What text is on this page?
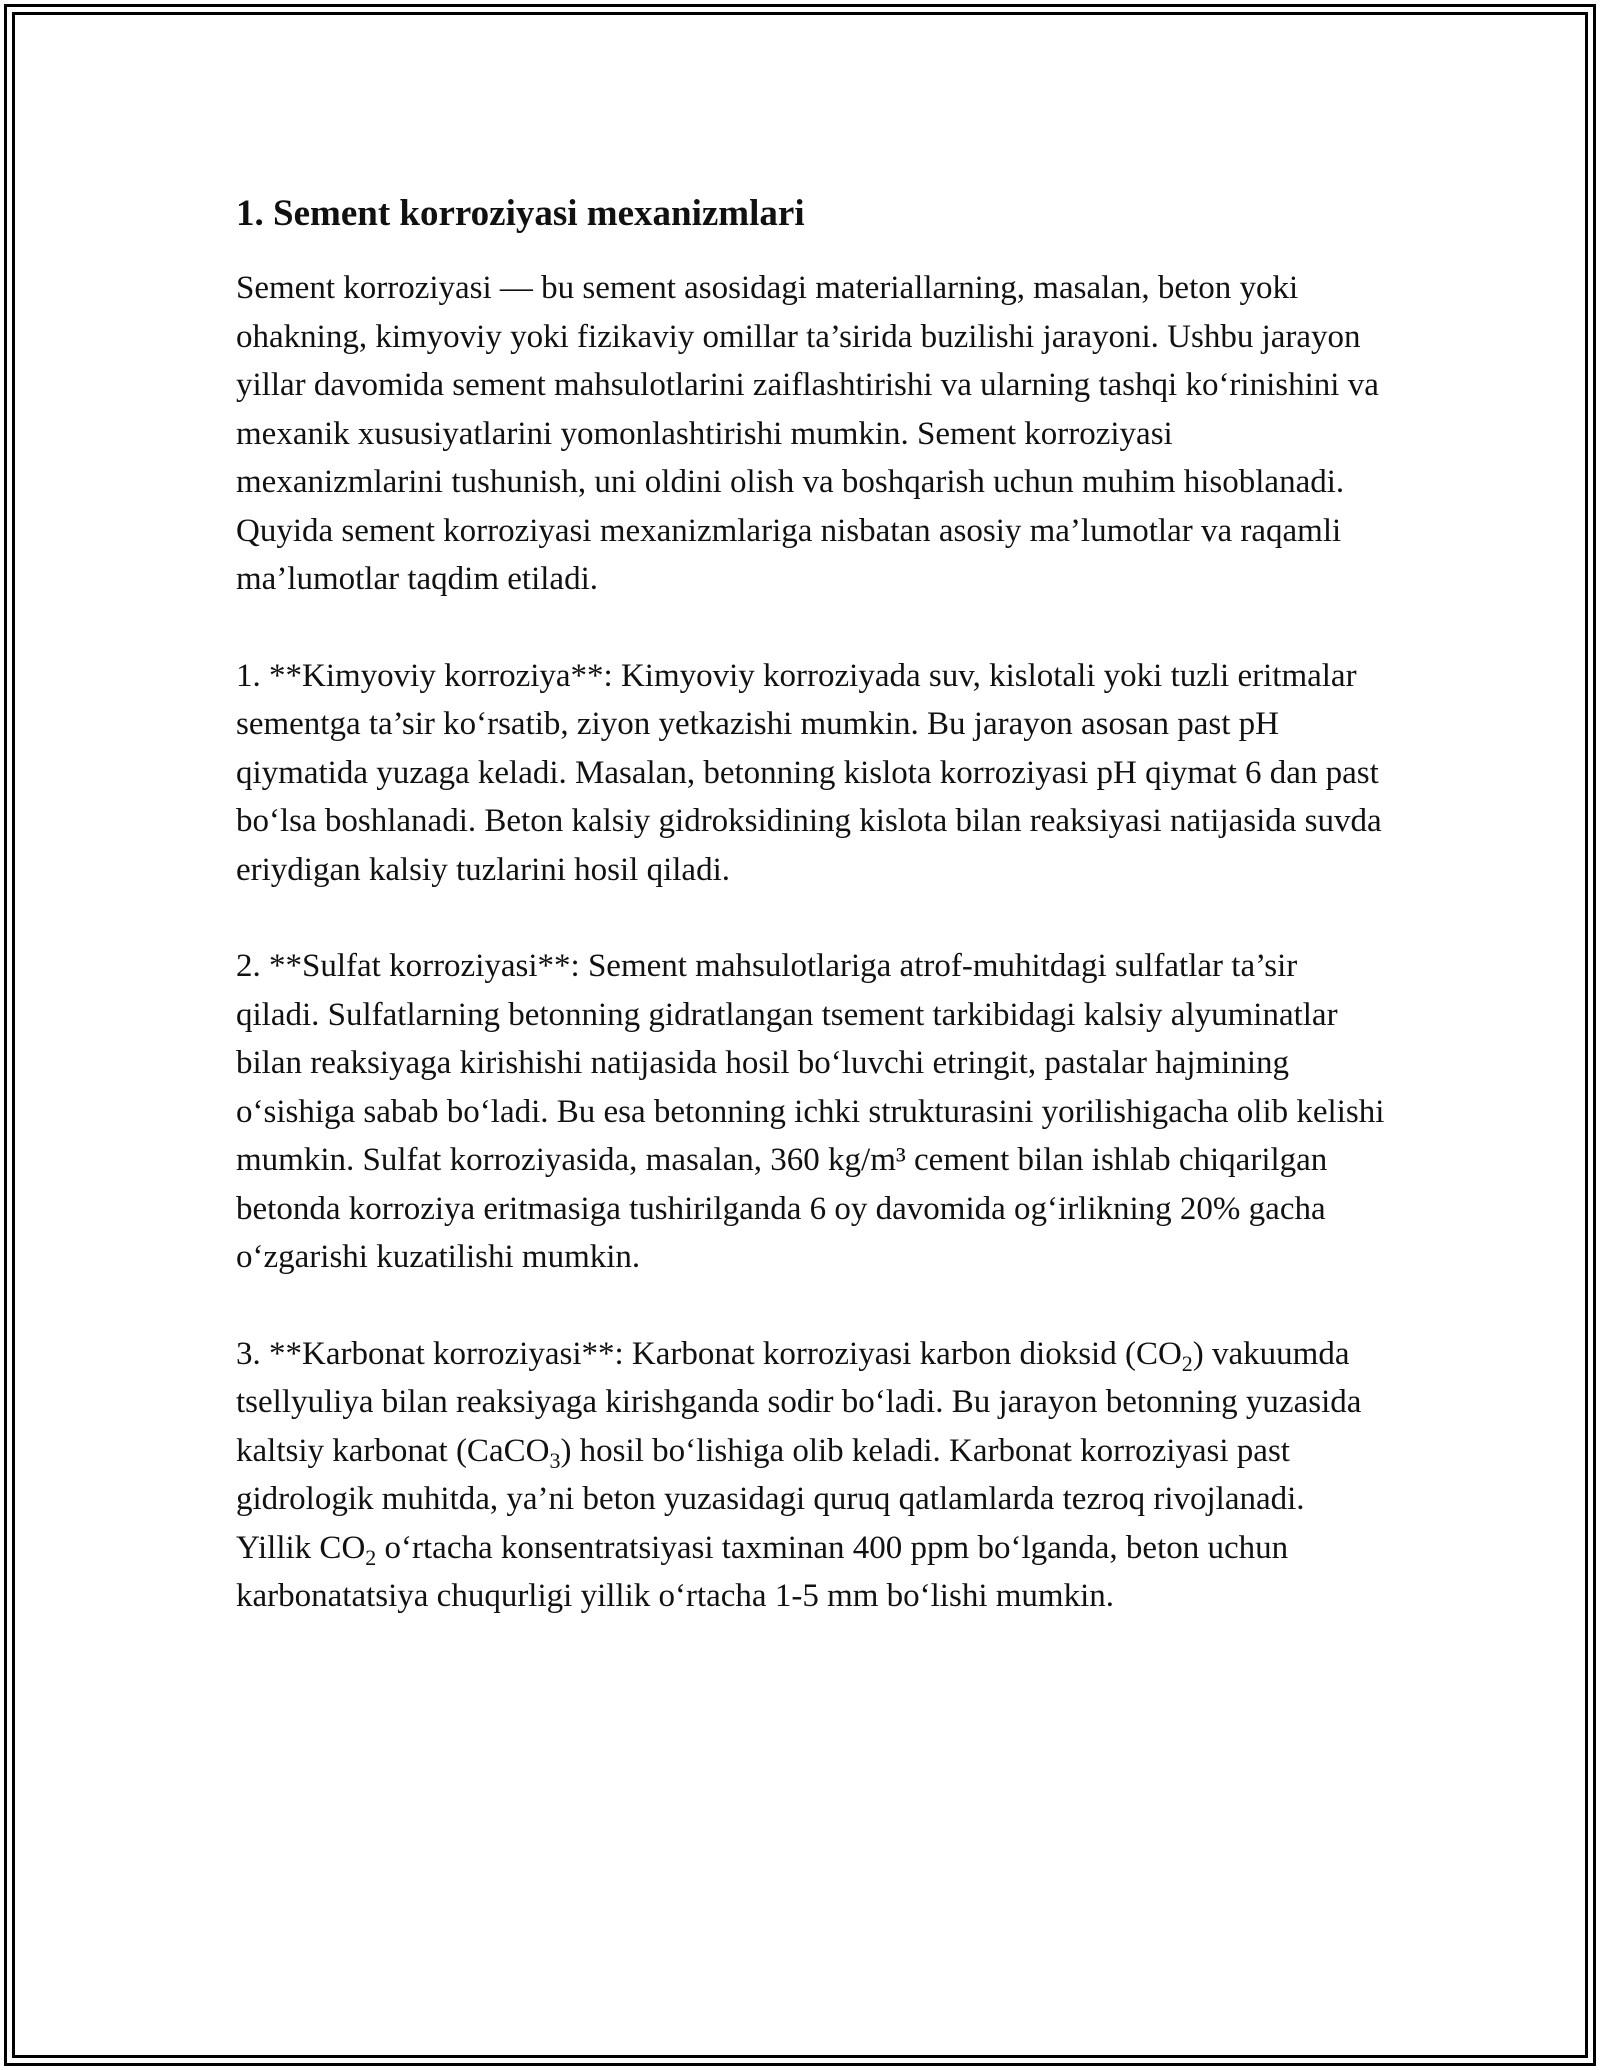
1. Sement korroziyasi mexanizmlari

Sement korroziyasi — bu sement asosidagi materiallarning, masalan, beton yoki ohakning, kimyoviy yoki fizikaviy omillar ta’sirida buzilishi jarayoni. Ushbu jarayon yillar davomida sement mahsulotlarini zaiflashtirishi va ularning tashqi koʻrinishini va mexanik xususiyatlarini yomonlashtirishi mumkin. Sement korroziyasi mexanizmlarini tushunish, uni oldini olish va boshqarish uchun muhim hisoblanadi. Quyida sement korroziyasi mexanizmlariga nisbatan asosiy ma’lumotlar va raqamli ma’lumotlar taqdim etiladi.

1. **Kimyoviy korroziya**: Kimyoviy korroziyada suv, kislotali yoki tuzli eritmalar sementga ta’sir koʻrsatib, ziyon yetkazishi mumkin. Bu jarayon asosan past pH qiymatida yuzaga keladi. Masalan, betonning kislota korroziyasi pH qiymat 6 dan past boʻlsa boshlanadi. Beton kalsiy gidroksidining kislota bilan reaksiyasi natijasida suvda eriydigan kalsiy tuzlarini hosil qiladi.

2. **Sulfat korroziyasi**: Sement mahsulotlariga atrof-muhitdagi sulfatlar ta’sir qiladi. Sulfatlarning betonning gidratlangan tsement tarkibidagi kalsiy alyuminatlar bilan reaksiyaga kirishishi natijasida hosil boʻluvchi etringit, pastalar hajmining oʻsishiga sabab boʻladi. Bu esa betonning ichki strukturasini yorilishigacha olib kelishi mumkin. Sulfat korroziyasida, masalan, 360 kg/m³ cement bilan ishlab chiqarilgan betonda korroziya eritmasiga tushirilganda 6 oy davomida ogʻirlikning 20% gacha oʻzgarishi kuzatilishi mumkin.

3. **Karbonat korroziyasi**: Karbonat korroziyasi karbon dioksid $(CO_2)$ vakuumda tsellyuliya bilan reaksiyaga kirishganda sodir boʻladi. Bu jarayon betonning yuzasida kaltsiy karbonat (CaCO$_3$) hosil boʻlishiga olib keladi. Karbonat korroziyasi past gidrologik muhitda, ya’ni beton yuzasidagi quruq qatlamlarda tezroq rivojlanadi. Yillik $CO_2$ oʻrtacha konsentratsiyasi taxminan 400 ppm boʻlganda, beton uchun karbonatatsiya chuqurligi yillik oʻrtacha 1-5 mm boʻlishi mumkin.
